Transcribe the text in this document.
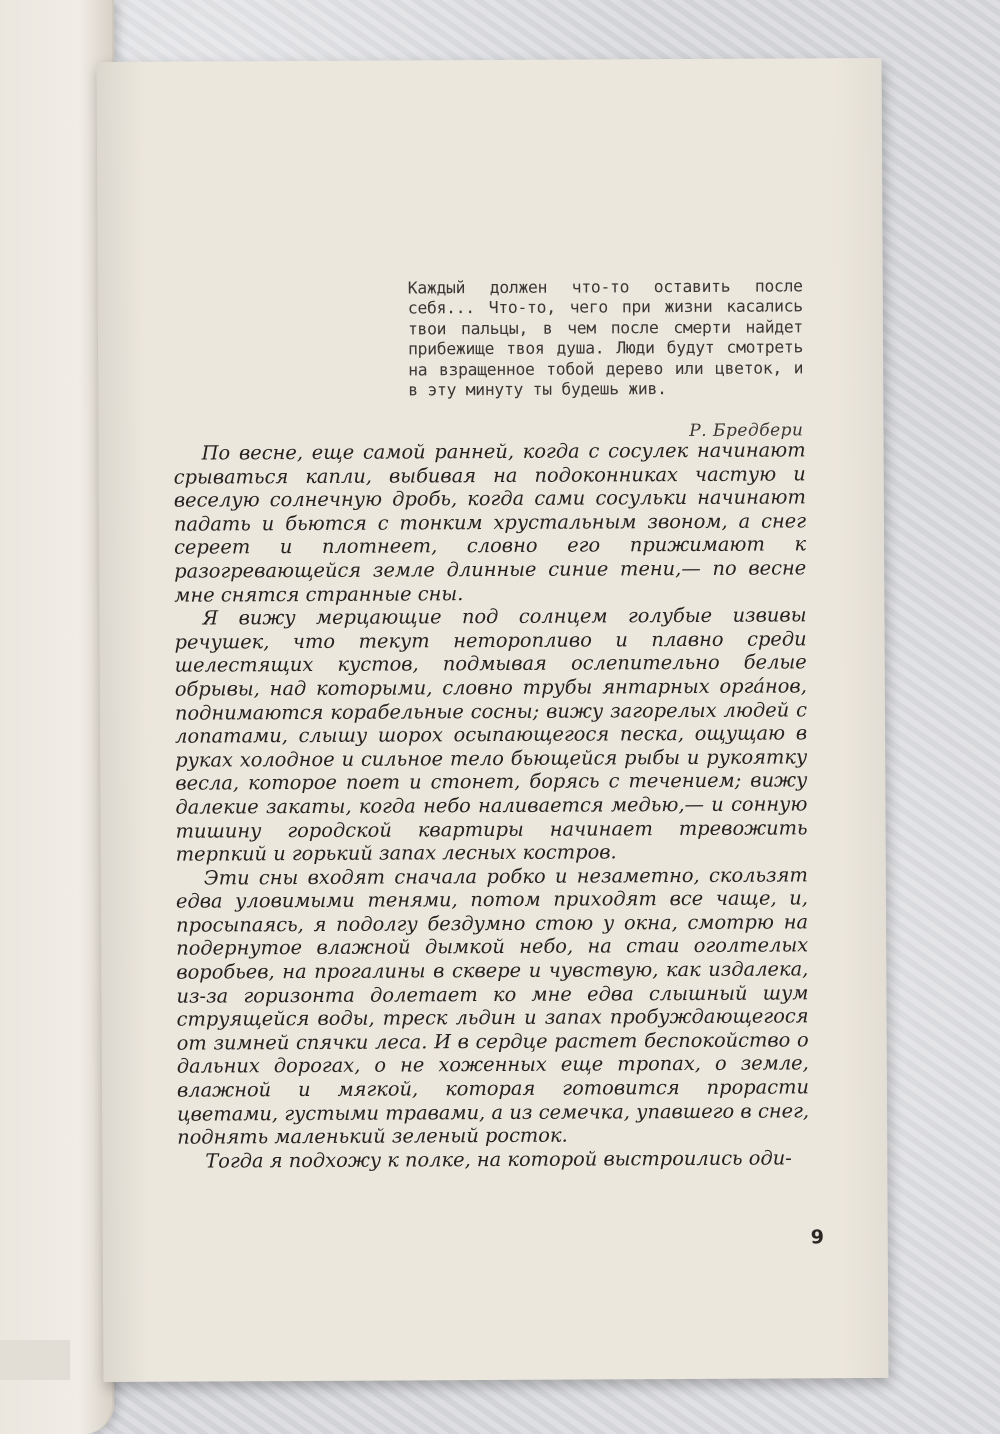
Каждый должен что-то оставить после себя... Что-то, чего при жизни касались твои пальцы, в чем после смерти найдет прибежище твоя душа. Люди будут смотреть на взращенное тобой дерево или цветок, и в эту минуту ты будешь жив.
Р. Бредбери

По весне, еще самой ранней, когда с сосулек начинают срываться капли, выбивая на подоконниках частую и веселую солнечную дробь, когда сами сосульки начинают падать и бьются с тонким хрустальным звоном, а снег сереет и плотнеет, словно его прижимают к разогревающейся земле длинные синие тени,— по весне мне снятся странные сны.

Я вижу мерцающие под солнцем голубые извивы речушек, что текут неторопливо и плавно среди шелестящих кустов, подмывая ослепительно белые обрывы, над которыми, словно трубы янтарных орга́нов, поднимаются корабельные сосны; вижу загорелых людей с лопатами, слышу шорох осыпающегося песка, ощущаю в руках холодное и сильное тело бьющейся рыбы и рукоятку весла, которое поет и стонет, борясь с течением; вижу далекие закаты, когда небо наливается медью,— и сонную тишину городской квартиры начинает тревожить терпкий и горький запах лесных костров.

Эти сны входят сначала робко и незаметно, скользят едва уловимыми тенями, потом приходят все чаще, и, просыпаясь, я подолгу бездумно стою у окна, смотрю на подернутое влажной дымкой небо, на стаи оголтелых воробьев, на прогалины в сквере и чувствую, как издалека, из-за горизонта долетает ко мне едва слышный шум струящейся воды, треск льдин и запах пробуждающегося от зимней спячки леса. И в сердце растет беспокойство о дальних дорогах, о не хоженных еще тропах, о земле, влажной и мягкой, которая готовится прорасти цветами, густыми травами, а из семечка, упавшего в снег, поднять маленький зеленый росток.

Тогда я подхожу к полке, на которой выстроились оди-

9
